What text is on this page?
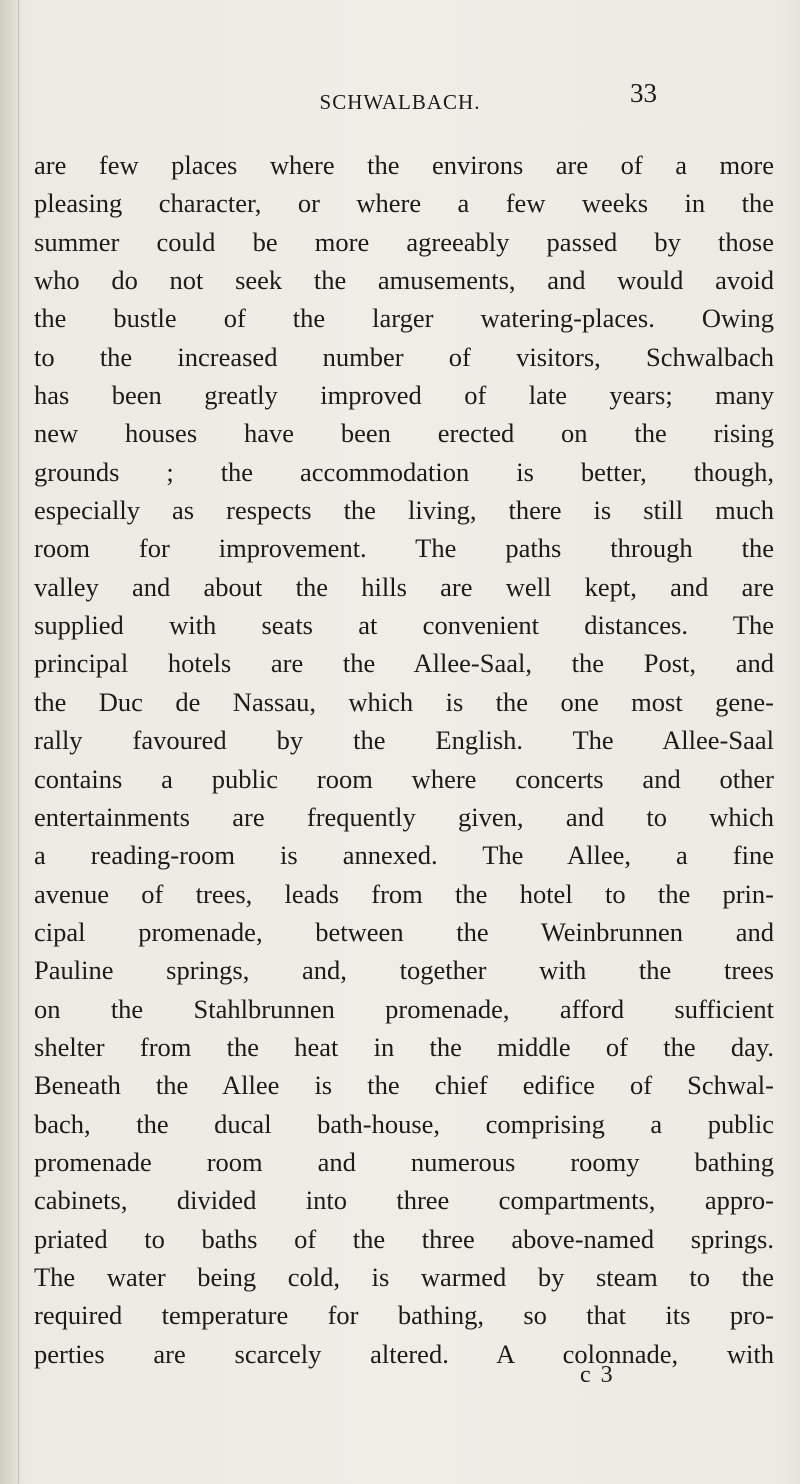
SCHWALBACH.	33
are few places where the environs are of a more
pleasing character, or where a few weeks in the
summer could be more agreeably passed by those
who do not seek the amusements, and would avoid
the bustle of the larger watering-places. Owing
to the increased number of visitors, Schwalbach
has been greatly improved of late years; many
new houses have been erected on the rising
grounds ; the accommodation is better, though,
especially as respects the living, there is still much
room for improvement. The paths through the
valley and about the hills are well kept, and are
supplied with seats at convenient distances. The
principal hotels are the Allee-Saal, the Post, and
the Duc de Nassau, which is the one most gene-
rally favoured by the English. The Allee-Saal
contains a public room where concerts and other
entertainments are frequently given, and to which
a reading-room is annexed. The Allee, a fine
avenue of trees, leads from the hotel to the prin-
cipal promenade, between the Weinbrunnen and
Pauline springs, and, together with the trees
on the Stahlbrunnen promenade, afford sufficient
shelter from the heat in the middle of the day.
Beneath the Allee is the chief edifice of Schwal-
bach, the ducal bath-house, comprising a public
promenade room and numerous roomy bathing
cabinets, divided into three compartments, appro-
priated to baths of the three above-named springs.
The water being cold, is warmed by steam to the
required temperature for bathing, so that its pro-
perties are scarcely altered. A colonnade, with
c 3
